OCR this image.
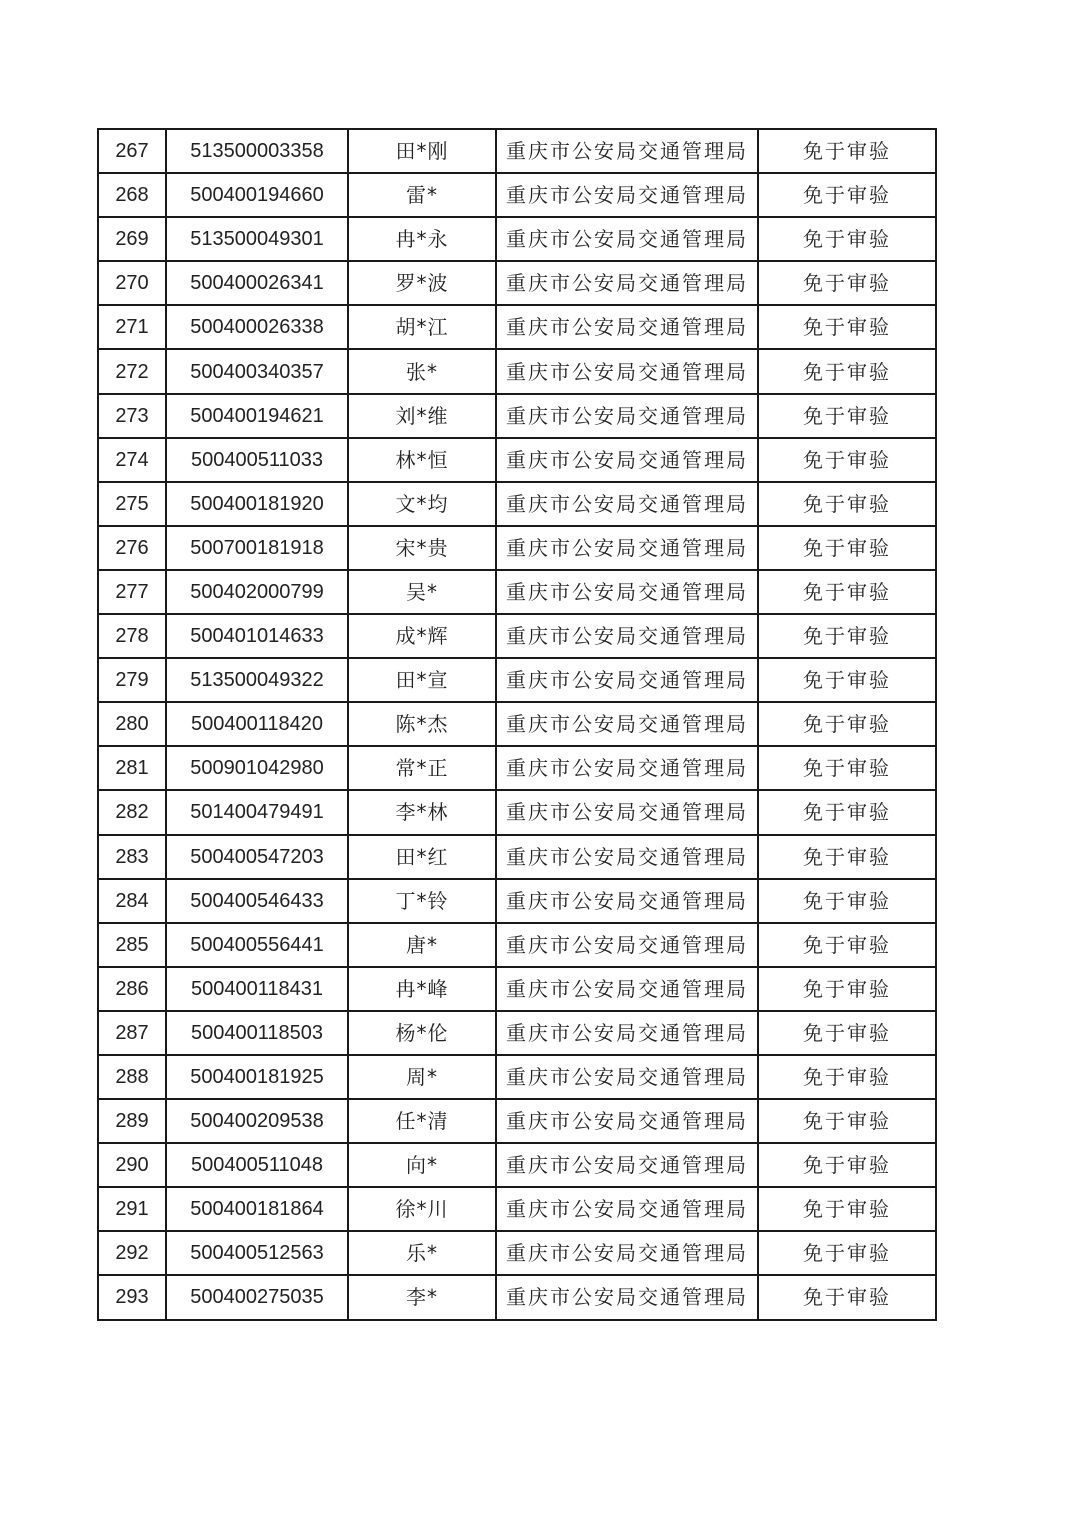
267	513500003358	田*刚	重庆市公安局交通管理局	免于审验
268	500400194660	雷*	重庆市公安局交通管理局	免于审验
269	513500049301	冉*永	重庆市公安局交通管理局	免于审验
270	500400026341	罗*波	重庆市公安局交通管理局	免于审验
271	500400026338	胡*江	重庆市公安局交通管理局	免于审验
272	500400340357	张*	重庆市公安局交通管理局	免于审验
273	500400194621	刘*维	重庆市公安局交通管理局	免于审验
274	500400511033	林*恒	重庆市公安局交通管理局	免于审验
275	500400181920	文*均	重庆市公安局交通管理局	免于审验
276	500700181918	宋*贵	重庆市公安局交通管理局	免于审验
277	500402000799	吴*	重庆市公安局交通管理局	免于审验
278	500401014633	成*辉	重庆市公安局交通管理局	免于审验
279	513500049322	田*宣	重庆市公安局交通管理局	免于审验
280	500400118420	陈*杰	重庆市公安局交通管理局	免于审验
281	500901042980	常*正	重庆市公安局交通管理局	免于审验
282	501400479491	李*林	重庆市公安局交通管理局	免于审验
283	500400547203	田*红	重庆市公安局交通管理局	免于审验
284	500400546433	丁*铃	重庆市公安局交通管理局	免于审验
285	500400556441	唐*	重庆市公安局交通管理局	免于审验
286	500400118431	冉*峰	重庆市公安局交通管理局	免于审验
287	500400118503	杨*伦	重庆市公安局交通管理局	免于审验
288	500400181925	周*	重庆市公安局交通管理局	免于审验
289	500400209538	任*清	重庆市公安局交通管理局	免于审验
290	500400511048	向*	重庆市公安局交通管理局	免于审验
291	500400181864	徐*川	重庆市公安局交通管理局	免于审验
292	500400512563	乐*	重庆市公安局交通管理局	免于审验
293	500400275035	李*	重庆市公安局交通管理局	免于审验
